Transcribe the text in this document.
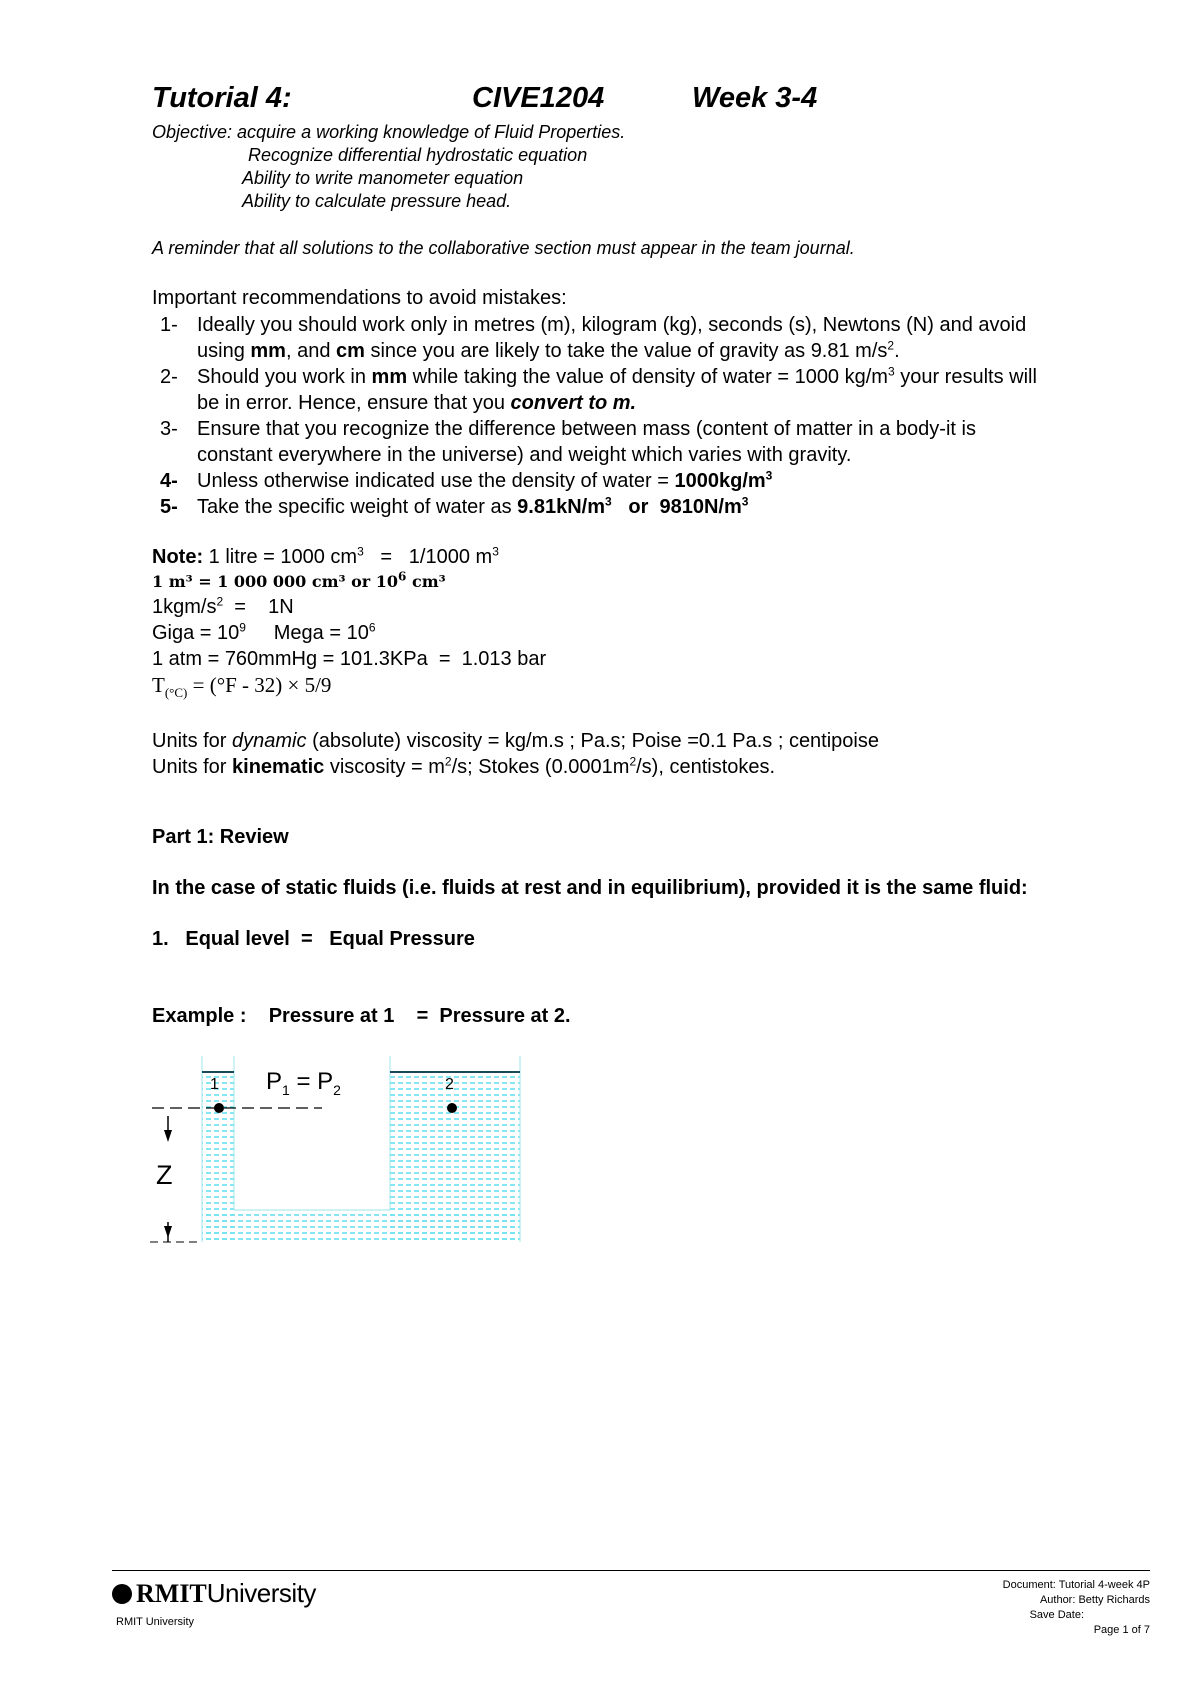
Tutorial 4:	CIVE1204	Week 3-4
Objective: acquire a working knowledge of Fluid Properties.
Recognize differential hydrostatic equation
Ability to write manometer equation
Ability to calculate pressure head.
A reminder that all solutions to the collaborative section must appear in the team journal.
Important recommendations to avoid mistakes:
1- Ideally you should work only in metres (m), kilogram (kg), seconds (s), Newtons (N) and avoid
using mm, and cm since you are likely to take the value of gravity as 9.81 $m/s^2$.
2- Should you work in mm while taking the value of density of water = 1000 $kg/m^3$ your results will
be in error. Hence, ensure that you convert to m.
3- Ensure that you recognize the difference between mass (content of matter in a body-it is
constant everywhere in the universe) and weight which varies with gravity.
4- Unless otherwise indicated use the density of water = $1000kg/m^3$
5- Take the specific weight of water as $9.81kN/m^3$   or  $9810N/m^3$
Note: 1 litre = 1000 $cm^3 = 1/1000$ $m^3$
1 m³ = 1 000 000 cm³ or $10^6$ cm³
$1kgm/s^2$  =    1N
Giga = $10^9$     Mega = $10^6$
1 atm = 760mmHg = 101.3KPa  =  1.013 bar
$T_{(^\circ C)} = (^\circ F - 32) \times 5/9$
Units for dynamic (absolute) viscosity = kg/m.s ; Pa.s; Poise =0.1 Pa.s ; centipoise
Units for kinematic viscosity = $m^2/s$; Stokes $(0.0001m^2/s)$, centistokes.
Part 1: Review
In the case of static fluids (i.e. fluids at rest and in equilibrium), provided it is the same fluid:
1.   Equal level  =   Equal Pressure
Example :    Pressure at 1    =  Pressure at 2.
1	2
$P_1 = P_2$
Z
RMITUniversity
RMIT University
Document: Tutorial 4-week 4P
Author: Betty Richards
Save Date:
Page 1 of 7
